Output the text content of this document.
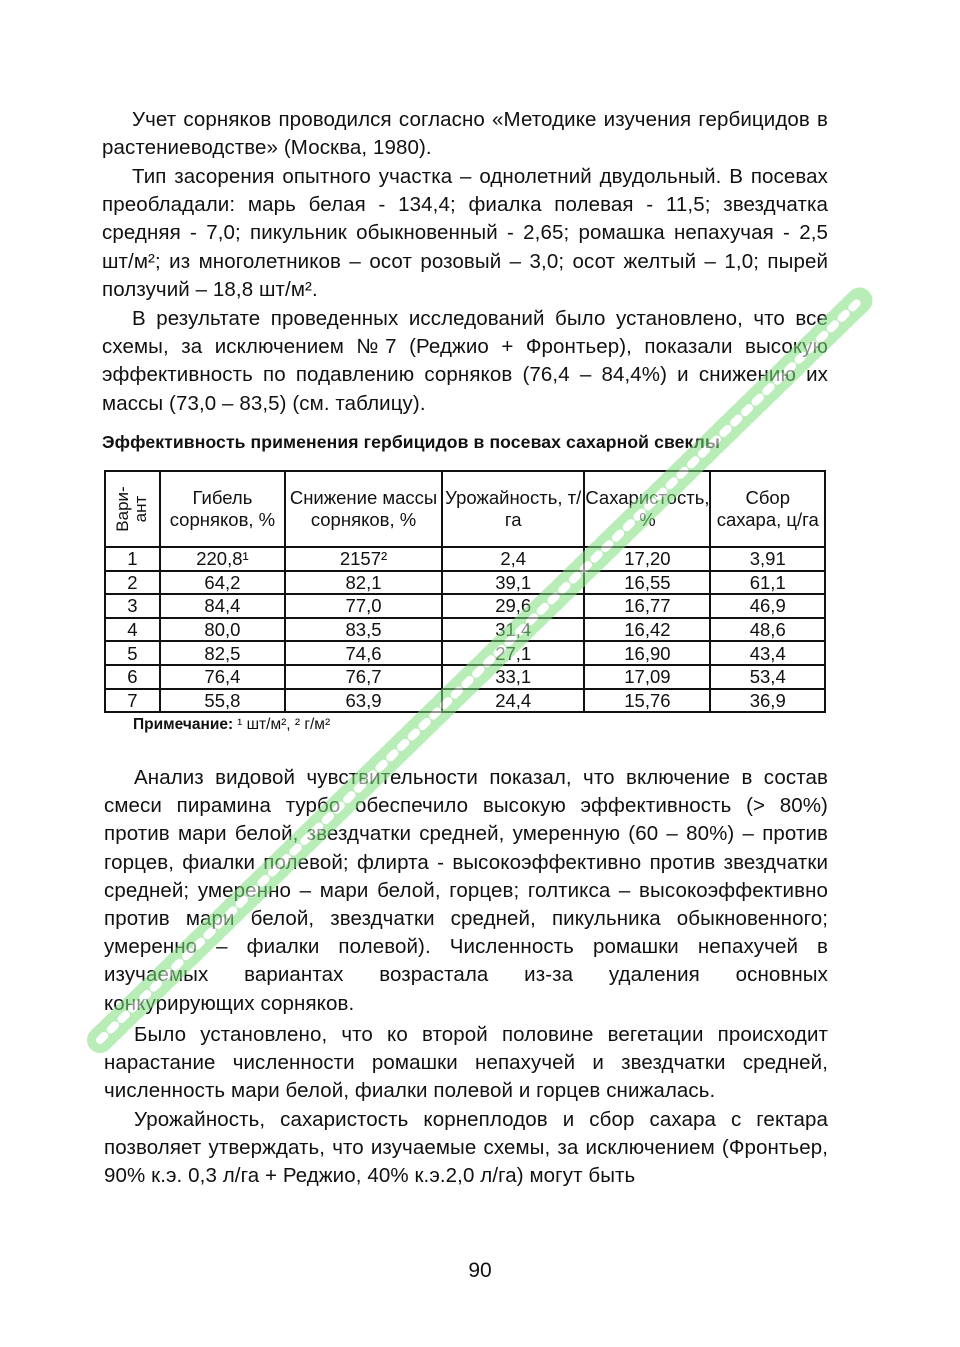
Учет сорняков проводился согласно «Методике изучения гербицидов в растениеводстве» (Москва, 1980).

Тип засорения опытного участка – однолетний двудольный. В посевах преобладали: марь белая - 134,4; фиалка полевая - 11,5; звездчатка средняя - 7,0; пикульник обыкновенный - 2,65; ромашка непахучая - 2,5 шт/м²; из многолетников – осот розовый – 3,0; осот желтый – 1,0; пырей ползучий – 18,8 шт/м².

В результате проведенных исследований было установлено, что все схемы, за исключением №7 (Реджио + Фронтьер), показали высокую эффективность по подавлению сорняков (76,4 – 84,4%) и снижению их массы (73,0 – 83,5) (см. таблицу).

Эффективность применения гербицидов в посевах сахарной свеклы
Вари-
ант	Гибель сорняков, %	Снижение массы сорняков, %	Урожайность, т/га	Сахаристость, %	Сбор сахара, ц/га
1	220,8¹	2157²	2,4	17,20	3,91
2	64,2	82,1	39,1	16,55	61,1
3	84,4	77,0	29,6	16,77	46,9
4	80,0	83,5	31,4	16,42	48,6
5	82,5	74,6	27,1	16,90	43,4
6	76,4	76,7	33,1	17,09	53,4
7	55,8	63,9	24,4	15,76	36,9
Примечание: ¹ шт/м², ² г/м²

Анализ видовой чувствительности показал, что включение в состав смеси пирамина турбо обеспечило высокую эффективность (> 80%) против мари белой, звездчатки средней, умеренную (60 – 80%) – против горцев, фиалки полевой; флирта - высокоэффективно против звездчатки средней; умеренно – мари белой, горцев; голтикса – высокоэффективно против мари белой, звездчатки средней, пикульника обыкновенного; умеренно – фиалки полевой). Численность ромашки непахучей в изучаемых вариантах возрастала из-за удаления основных конкурирующих сорняков.

Было установлено, что ко второй половине вегетации происходит нарастание численности ромашки непахучей и звездчатки средней, численность мари белой, фиалки полевой и горцев снижалась.

Урожайность, сахаристость корнеплодов и сбор сахара с гектара позволяет утверждать, что изучаемые схемы, за исключением (Фронтьер, 90% к.э. 0,3 л/га + Реджио, 40% к.э.2,0 л/га) могут быть

90
